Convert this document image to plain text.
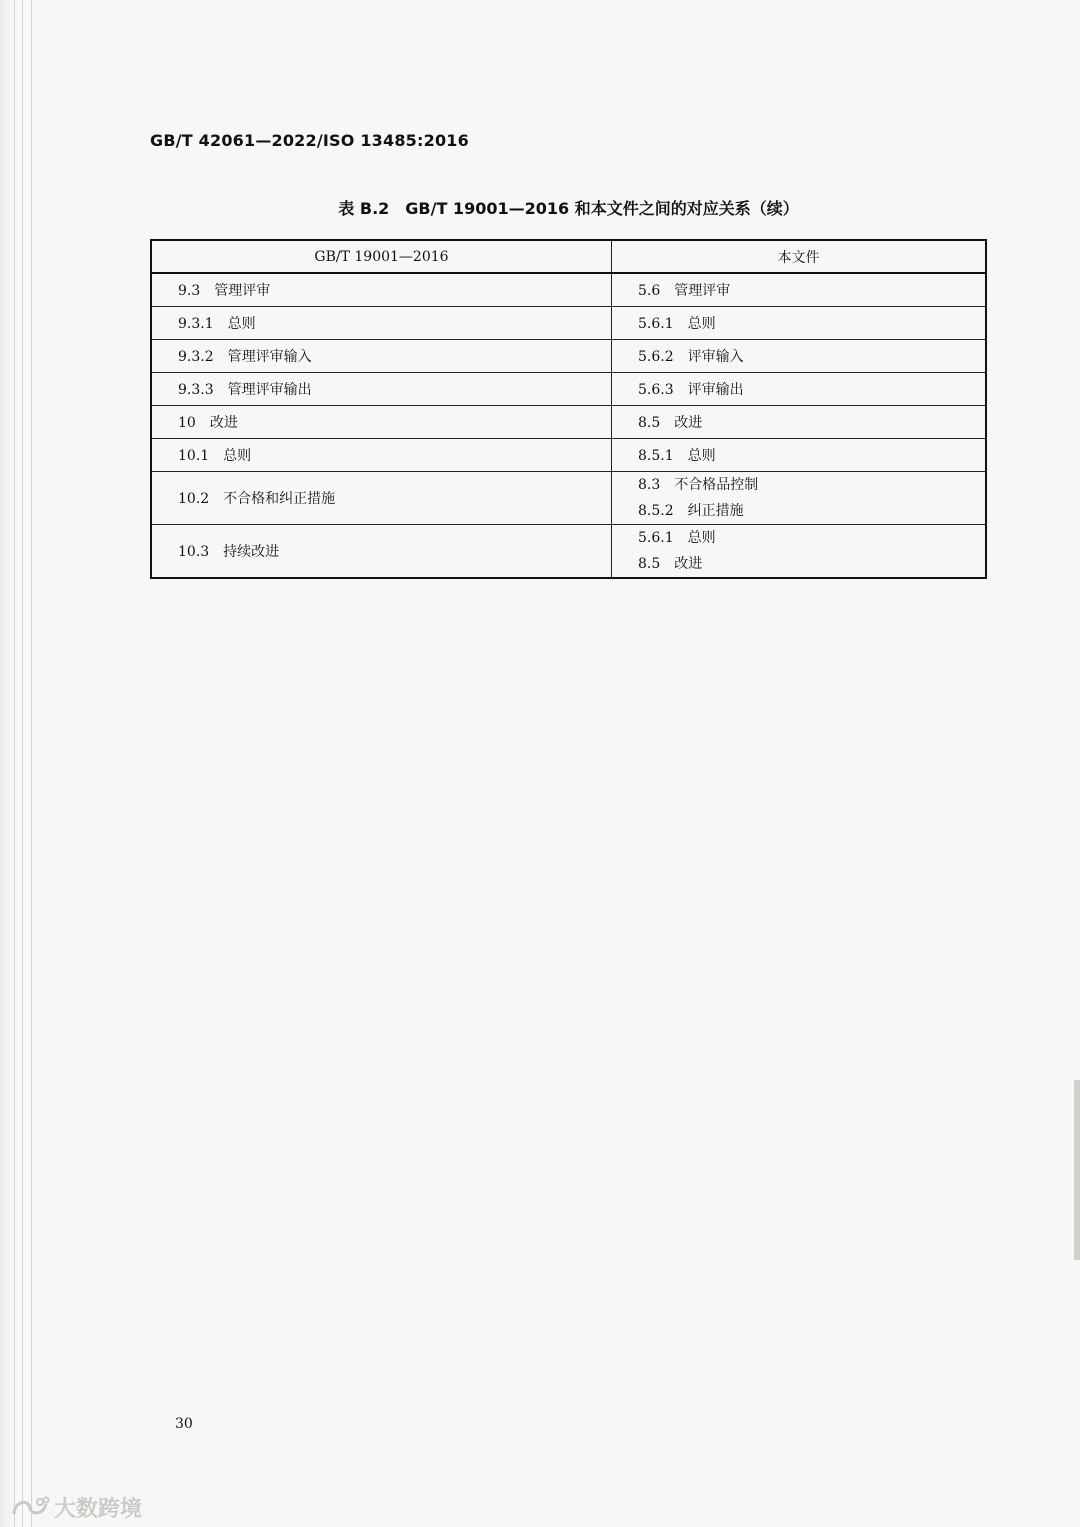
GB/T 42061—2022/ISO 13485:2016
表 B.2　GB/T 19001—2016 和本文件之间的对应关系（续）
GB/T 19001—2016	本文件
9.3 管理评审	5.6 管理评审
9.3.1 总则	5.6.1 总则
9.3.2 管理评审输入	5.6.2 评审输入
9.3.3 管理评审输出	5.6.3 评审输出
10 改进	8.5 改进
10.1 总则	8.5.1 总则
10.2 不合格和纠正措施	8.3 不合格品控制
8.5.2 纠正措施

10.3 持续改进	5.6.1 总则
8.5 改进
30
大数跨境
